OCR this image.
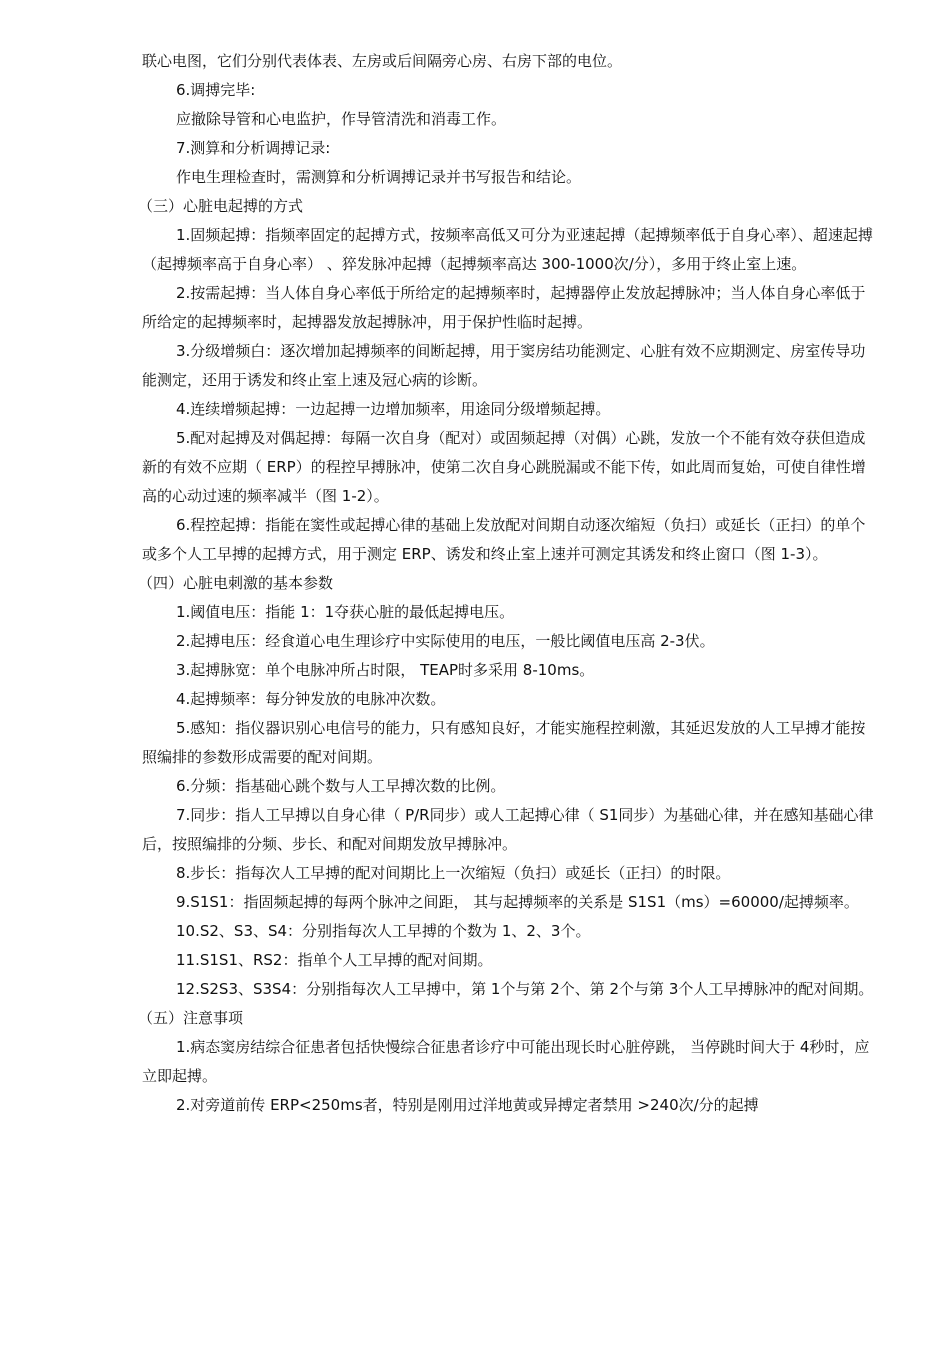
联心电图，它们分别代表体表、左房或后间隔旁心房、右房下部的电位。

6.调搏完毕:

应撤除导管和心电监护，作导管清洗和消毒工作。

7.测算和分析调搏记录:

作电生理检查时，需测算和分析调搏记录并书写报告和结论。

（三）心脏电起搏的方式

1.固频起搏：指频率固定的起搏方式，按频率高低又可分为亚速起搏（起搏频率低于自身心率）、超速起搏（起搏频率高于自身心率） 、猝发脉冲起搏（起搏频率高达 300-1000次/分），多用于终止室上速。

2.按需起搏：当人体自身心率低于所给定的起搏频率时，起搏器停止发放起搏脉冲；当人体自身心率低于所给定的起搏频率时，起搏器发放起搏脉冲，用于保护性临时起搏。

3.分级增频白：逐次增加起搏频率的间断起搏，用于窦房结功能测定、心脏有效不应期测定、房室传导功能测定，还用于诱发和终止室上速及冠心病的诊断。

4.连续增频起搏：一边起搏一边增加频率，用途同分级增频起搏。

5.配对起搏及对偶起搏：每隔一次自身（配对）或固频起搏（对偶）心跳，发放一个不能有效夺获但造成新的有效不应期（ ERP）的程控早搏脉冲，使第二次自身心跳脱漏或不能下传，如此周而复始，可使自律性增高的心动过速的频率减半（图 1-2）。

6.程控起搏：指能在窦性或起搏心律的基础上发放配对间期自动逐次缩短（负扫）或延长（正扫）的单个或多个人工早搏的起搏方式，用于测定 ERP、诱发和终止室上速并可测定其诱发和终止窗口（图 1-3）。

（四）心脏电刺激的基本参数

1.阈值电压：指能 1：1夺获心脏的最低起搏电压。

2.起搏电压：经食道心电生理诊疗中实际使用的电压，一般比阈值电压高 2-3伏。

3.起搏脉宽：单个电脉冲所占时限， TEAP时多采用 8-10ms。

4.起搏频率：每分钟发放的电脉冲次数。

5.感知：指仪器识别心电信号的能力，只有感知良好，才能实施程控刺激，其延迟发放的人工早搏才能按照编排的参数形成需要的配对间期。

6.分频：指基础心跳个数与人工早搏次数的比例。

7.同步：指人工早搏以自身心律（ P/R同步）或人工起搏心律（ S1同步）为基础心律，并在感知基础心律后，按照编排的分频、步长、和配对间期发放早搏脉冲。

8.步长：指每次人工早搏的配对间期比上一次缩短（负扫）或延长（正扫）的时限。

9.S1S1：指固频起搏的每两个脉冲之间距， 其与起搏频率的关系是 S1S1（ms）=60000/起搏频率。

10.S2、S3、S4：分别指每次人工早搏的个数为 1、2、3个。

11.S1S1、RS2：指单个人工早搏的配对间期。

12.S2S3、S3S4：分别指每次人工早搏中，第 1个与第 2个、第 2个与第 3个人工早搏脉冲的配对间期。

（五）注意事项

1.病态窦房结综合征患者包括快慢综合征患者诊疗中可能出现长时心脏停跳， 当停跳时间大于 4秒时，应立即起搏。

2.对旁道前传 ERP<250ms者，特别是刚用过洋地黄或异搏定者禁用 >240次/分的起搏
